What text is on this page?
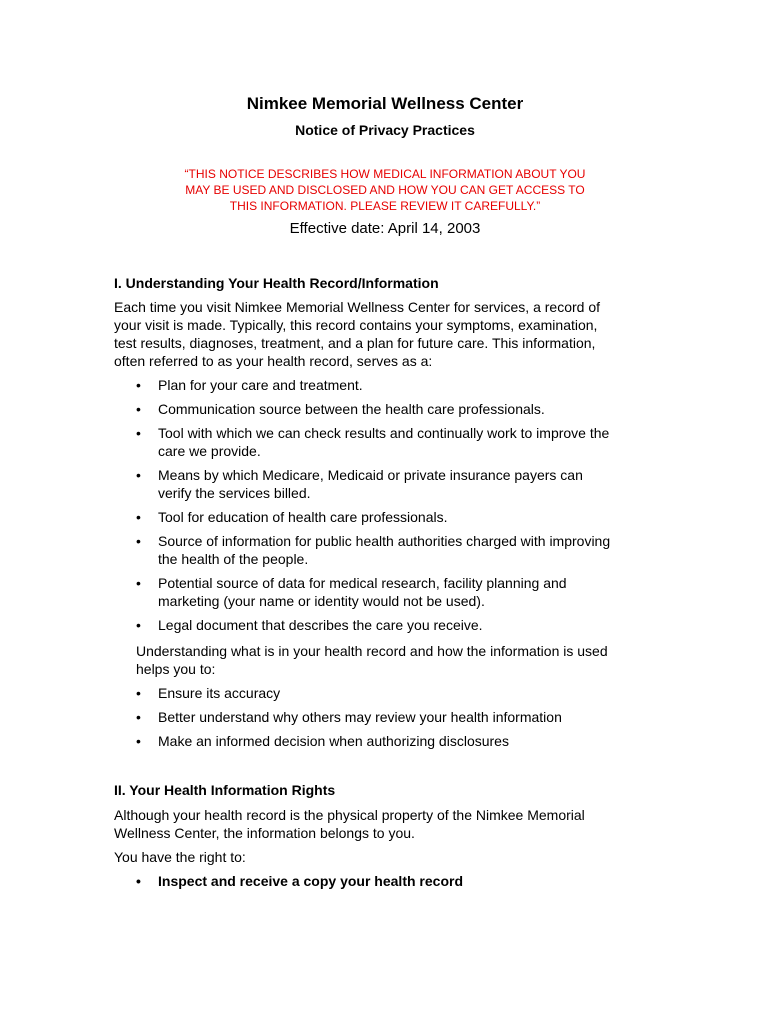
Nimkee Memorial Wellness Center
Notice of Privacy Practices
“THIS NOTICE DESCRIBES HOW MEDICAL INFORMATION ABOUT YOU
MAY BE USED AND DISCLOSED AND HOW YOU CAN GET ACCESS TO
THIS INFORMATION. PLEASE REVIEW IT CAREFULLY.”
Effective date: April 14, 2003
I. Understanding Your Health Record/Information
Each time you visit Nimkee Memorial Wellness Center for services, a record of
your visit is made. Typically, this record contains your symptoms, examination,
test results, diagnoses, treatment, and a plan for future care. This information,
often referred to as your health record, serves as a:
• Plan for your care and treatment.
• Communication source between the health care professionals.
• Tool with which we can check results and continually work to improve the
care we provide.
• Means by which Medicare, Medicaid or private insurance payers can
verify the services billed.
• Tool for education of health care professionals.
• Source of information for public health authorities charged with improving
the health of the people.
• Potential source of data for medical research, facility planning and
marketing (your name or identity would not be used).
• Legal document that describes the care you receive.
Understanding what is in your health record and how the information is used
helps you to:
• Ensure its accuracy
• Better understand why others may review your health information
• Make an informed decision when authorizing disclosures
II. Your Health Information Rights
Although your health record is the physical property of the Nimkee Memorial
Wellness Center, the information belongs to you.
You have the right to:
• Inspect and receive a copy your health record
